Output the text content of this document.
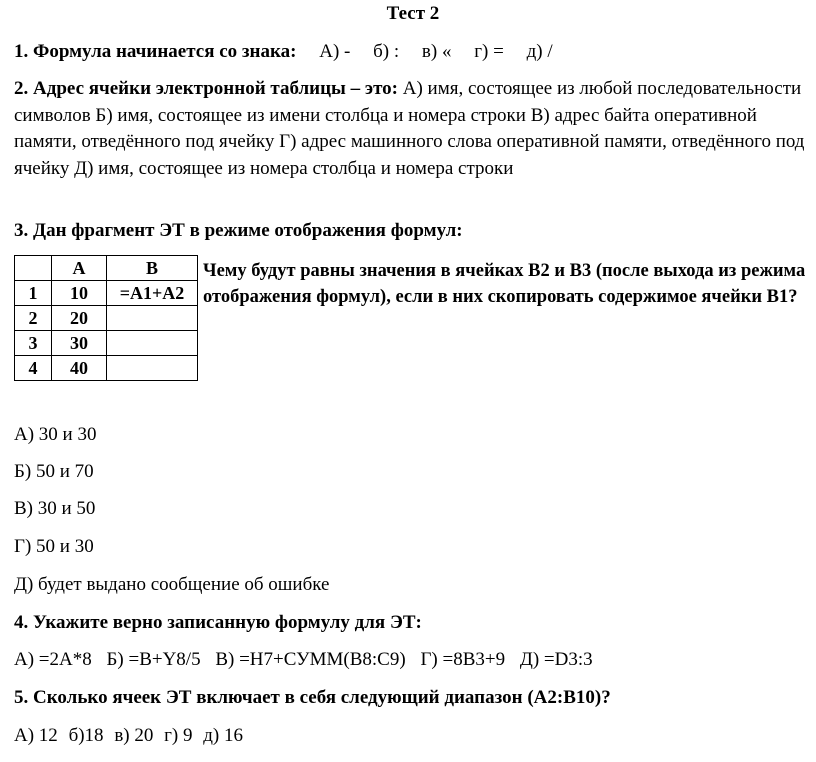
Тест 2
1. Формула начинается со знака: А) - б) : в) « г) = д) /
2. Адрес ячейки электронной таблицы – это: А) имя, состоящее из любой последовательности символов Б) имя, состоящее из имени столбца и номера строки В) адрес байта оперативной памяти, отведённого под ячейку Г) адрес машинного слова оперативной памяти, отведённого под ячейку Д) имя, состоящее из номера столбца и номера строки
3. Дан фрагмент ЭТ в режиме отображения формул:
	A	B
1	10	=A1+A2
2	20	
3	30	
4	40	
Чему будут равны значения в ячейках B2 и B3 (после выхода из режима отображения формул), если в них скопировать содержимое ячейки B1?
А) 30 и 30
Б) 50 и 70
В) 30 и 50
Г) 50 и 30
Д) будет выдано сообщение об ошибке
4. Укажите верно записанную формулу для ЭТ:
А) =2А*8 Б) =B+Y8/5 В) =Н7+СУММ(В8:С9) Г) =8В3+9 Д) =D3:3
5. Сколько ячеек ЭТ включает в себя следующий диапазон (А2:В10)?
А) 12 б)18 в) 20 г) 9 д) 16
